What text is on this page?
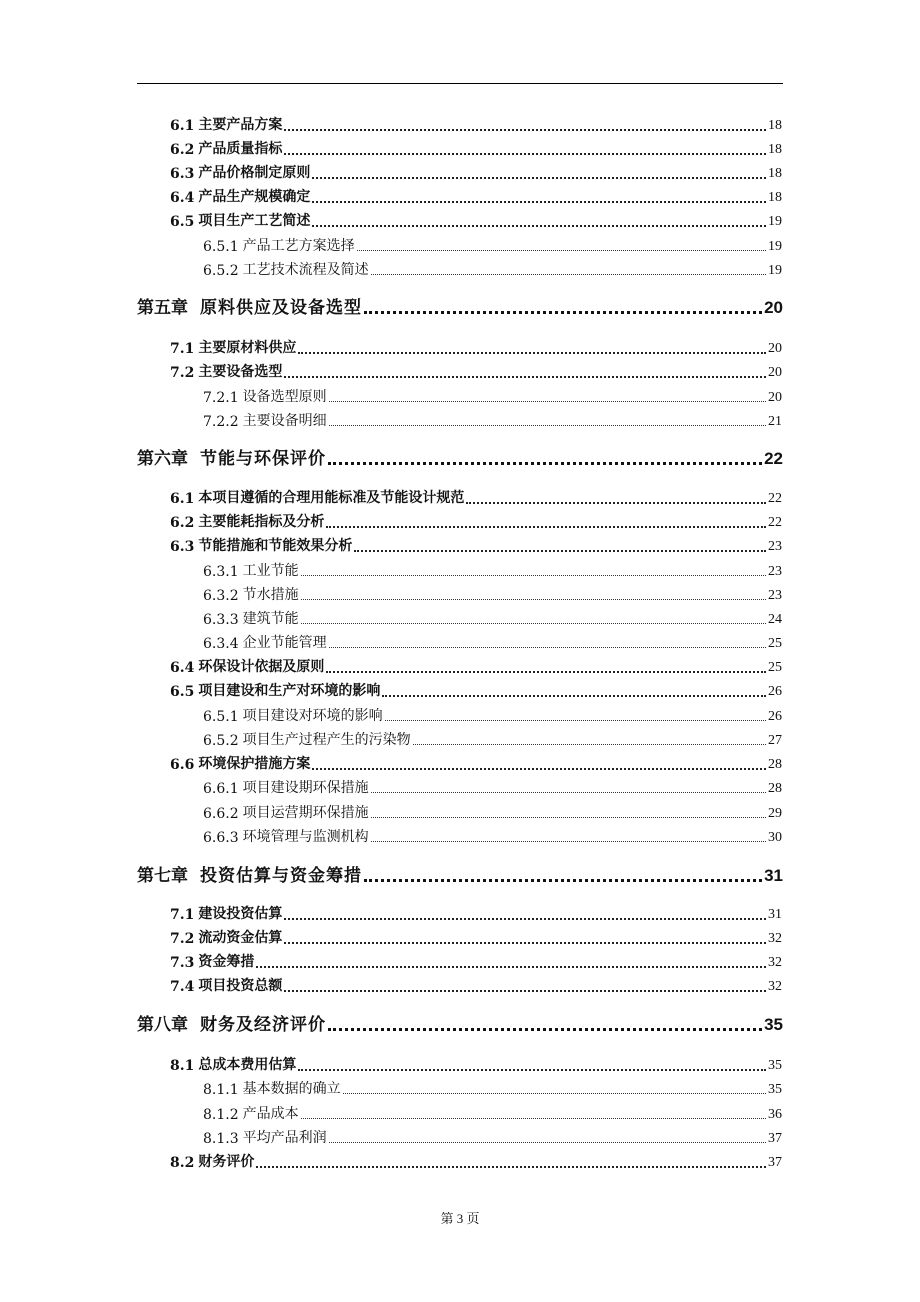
6.1 主要产品方案	18
6.2 产品质量指标	18
6.3 产品价格制定原则	18
6.4 产品生产规模确定	18
6.5 项目生产工艺简述	19
6.5.1 产品工艺方案选择	19
6.5.2 工艺技术流程及简述	19
第五章 原料供应及设备选型	20
7.1 主要原材料供应	20
7.2 主要设备选型	20
7.2.1 设备选型原则	20
7.2.2 主要设备明细	21
第六章 节能与环保评价	22
6.1 本项目遵循的合理用能标准及节能设计规范	22
6.2 主要能耗指标及分析	22
6.3 节能措施和节能效果分析	23
6.3.1 工业节能	23
6.3.2 节水措施	23
6.3.3 建筑节能	24
6.3.4 企业节能管理	25
6.4 环保设计依据及原则	25
6.5 项目建设和生产对环境的影响	26
6.5.1 项目建设对环境的影响	26
6.5.2 项目生产过程产生的污染物	27
6.6 环境保护措施方案	28
6.6.1 项目建设期环保措施	28
6.6.2 项目运营期环保措施	29
6.6.3 环境管理与监测机构	30
第七章 投资估算与资金筹措	31
7.1 建设投资估算	31
7.2 流动资金估算	32
7.3 资金筹措	32
7.4 项目投资总额	32
第八章 财务及经济评价	35
8.1 总成本费用估算	35
8.1.1 基本数据的确立	35
8.1.2 产品成本	36
8.1.3 平均产品利润	37
8.2 财务评价	37
第 3 页
